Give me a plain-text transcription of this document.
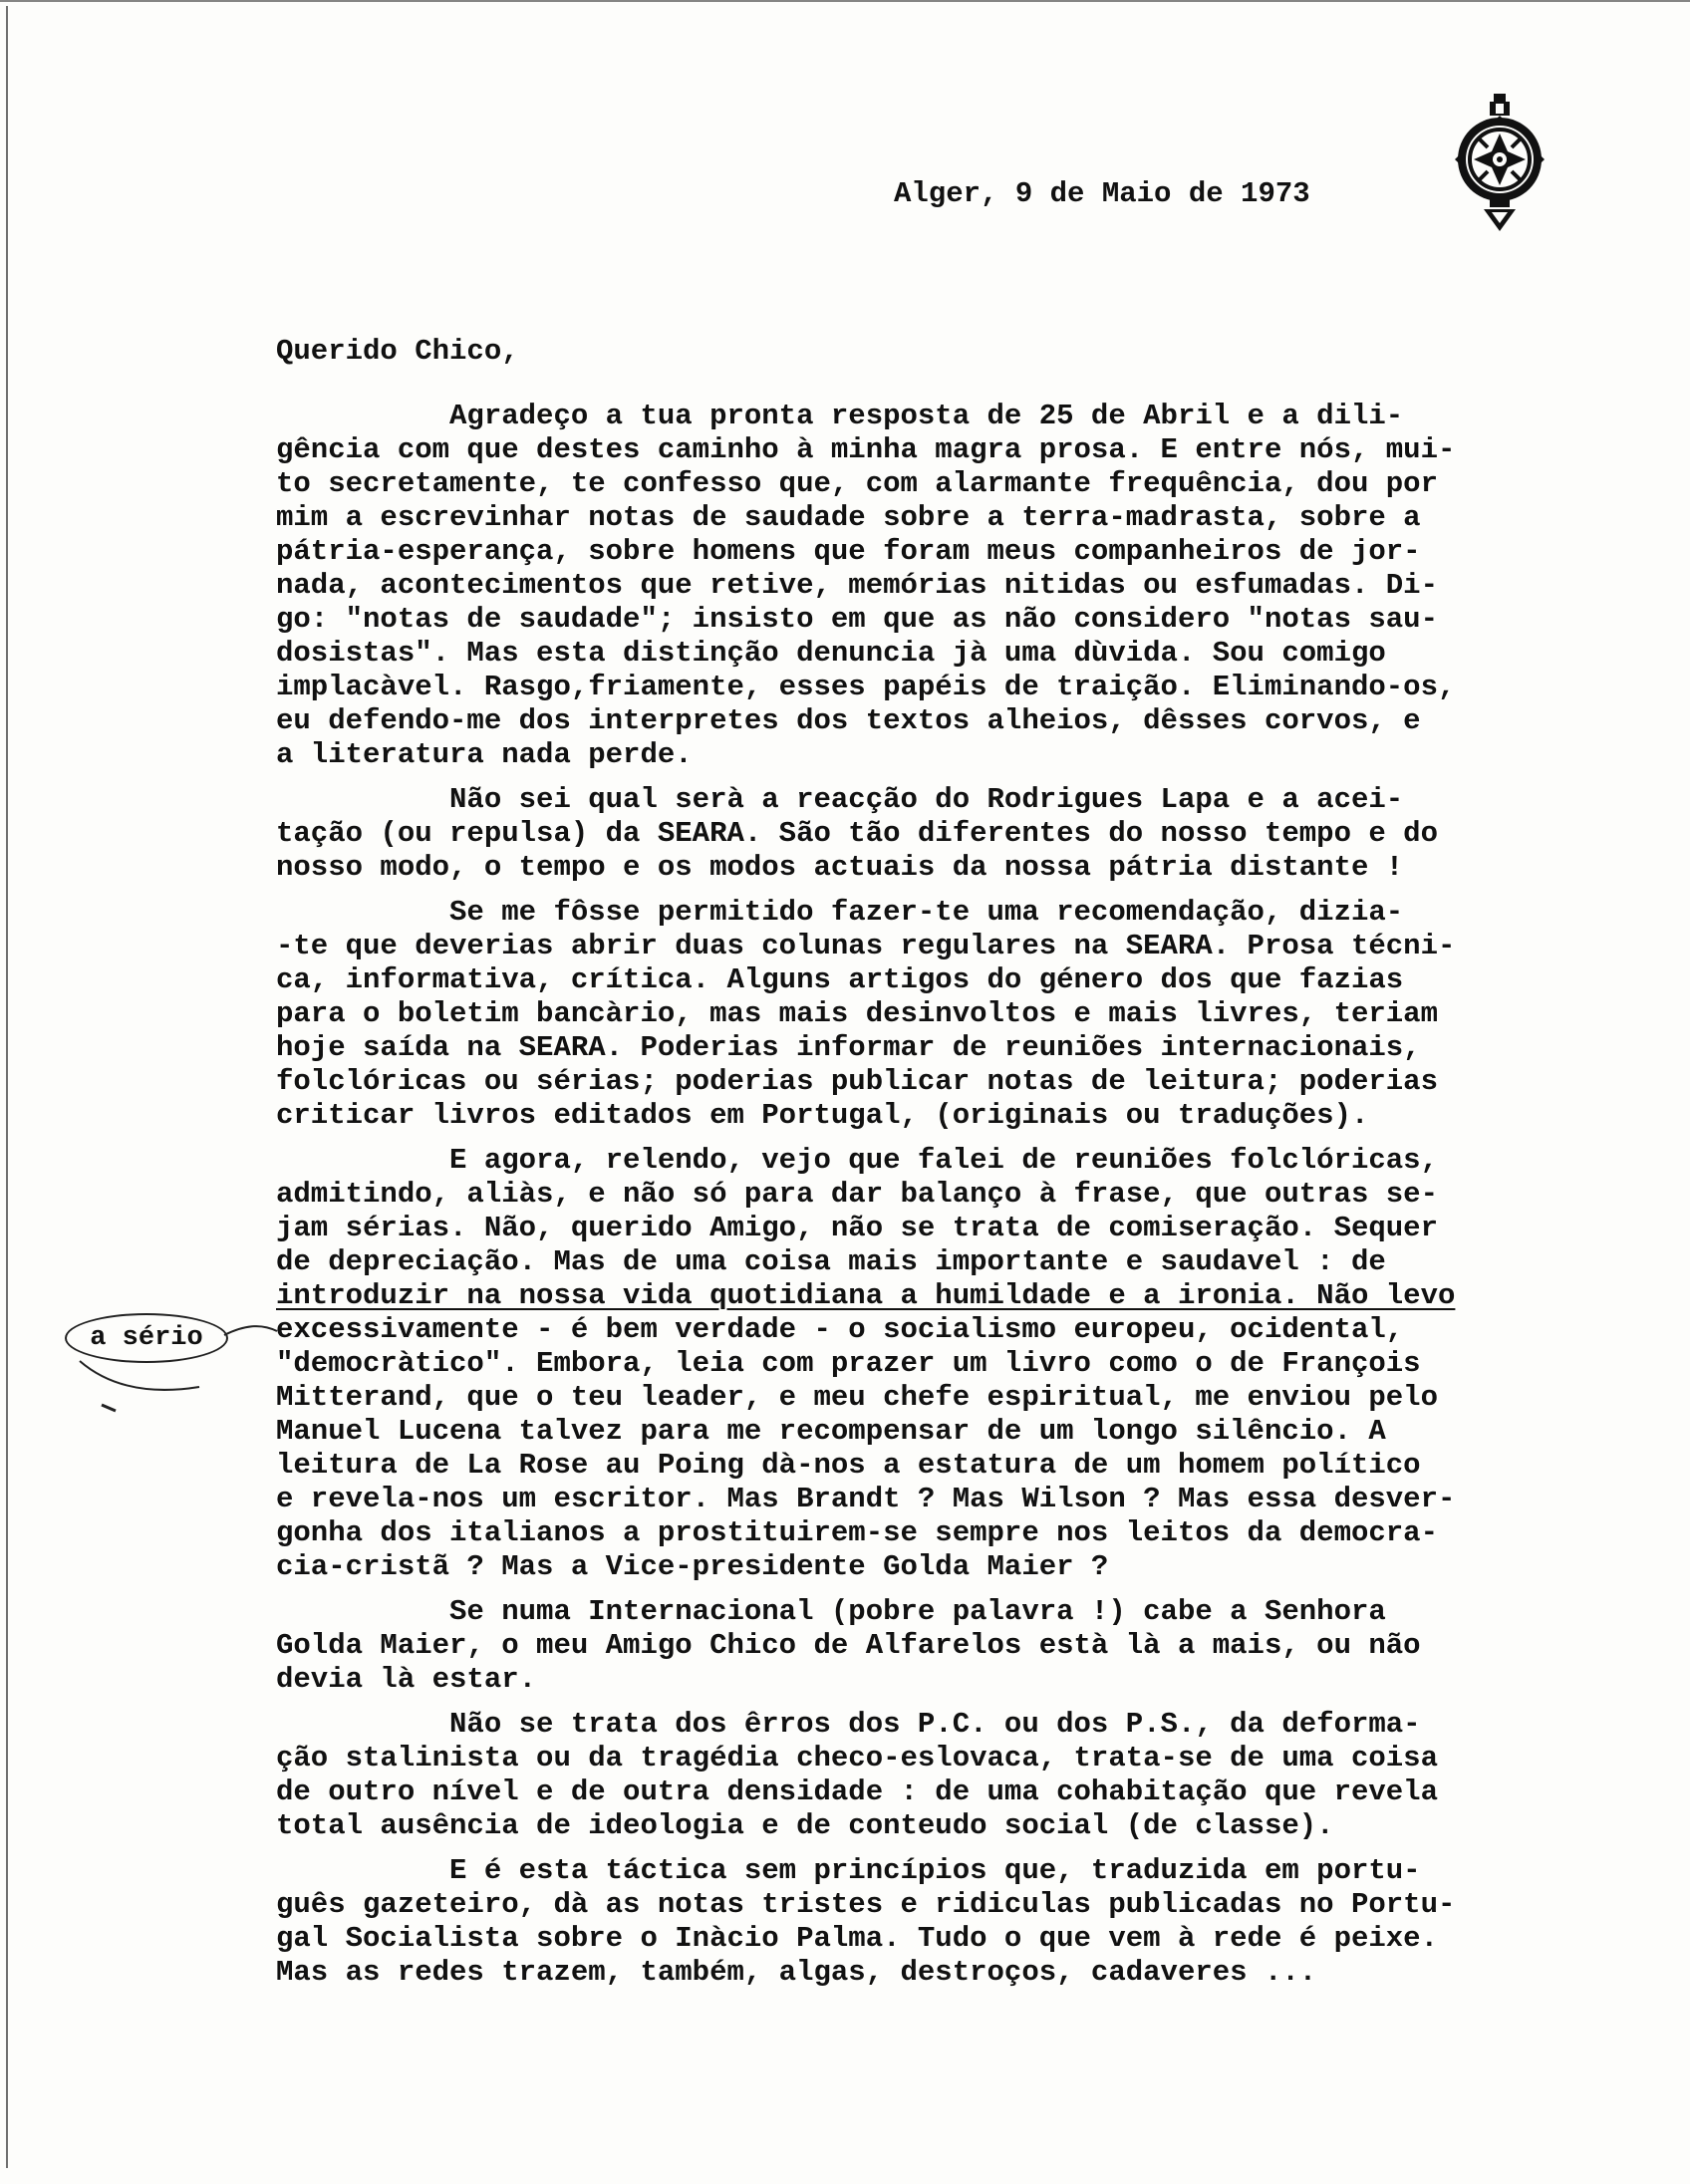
Alger, 9 de Maio de 1973
Querido Chico,
Agradeço a tua pronta resposta de 25 de Abril e a dili-
gência com que destes caminho à minha magra prosa. E entre nós, mui-
to secretamente, te confesso que, com alarmante frequência, dou por
mim a escrevinhar notas de saudade sobre a terra-madrasta, sobre a
pátria-esperança, sobre homens que foram meus companheiros de jor-
nada, acontecimentos que retive, memórias nitidas ou esfumadas. Di-
go: "notas de saudade"; insisto em que as não considero "notas sau-
dosistas". Mas esta distinção denuncia jà uma dùvida. Sou comigo
implacàvel. Rasgo,friamente, esses papéis de traição. Eliminando-os,
eu defendo-me dos interpretes dos textos alheios, dêsses corvos, e
a literatura nada perde.
Não sei qual serà a reacção do Rodrigues Lapa e a acei-
tação (ou repulsa) da SEARA. São tão diferentes do nosso tempo e do
nosso modo, o tempo e os modos actuais da nossa pátria distante !
Se me fôsse permitido fazer-te uma recomendação, dizia-
-te que deverias abrir duas colunas regulares na SEARA. Prosa técni-
ca, informativa, crítica. Alguns artigos do género dos que fazias
para o boletim bancàrio, mas mais desinvoltos e mais livres, teriam
hoje saída na SEARA. Poderias informar de reuniões internacionais,
folclóricas ou sérias; poderias publicar notas de leitura; poderias
criticar livros editados em Portugal, (originais ou traduções).
E agora, relendo, vejo que falei de reuniões folclóricas,
admitindo, aliàs, e não só para dar balanço à frase, que outras se-
jam sérias. Não, querido Amigo, não se trata de comiseração. Sequer
de depreciação. Mas de uma coisa mais importante e saudavel : de
introduzir na nossa vida quotidiana a humildade e a ironia. Não levo
excessivamente - é bem verdade - o socialismo europeu, ocidental,
"democràtico". Embora, leia com prazer um livro como o de François
Mitterand, que o teu leader, e meu chefe espiritual, me enviou pelo
Manuel Lucena talvez para me recompensar de um longo silêncio. A
leitura de La Rose au Poing dà-nos a estatura de um homem político
e revela-nos um escritor. Mas Brandt ? Mas Wilson ? Mas essa desver-
gonha dos italianos a prostituirem-se sempre nos leitos da democra-
cia-cristã ? Mas a Vice-presidente Golda Maier ?
Se numa Internacional (pobre palavra !) cabe a Senhora
Golda Maier, o meu Amigo Chico de Alfarelos està là a mais, ou não
devia là estar.
Não se trata dos êrros dos P.C. ou dos P.S., da deforma-
ção stalinista ou da tragédia checo-eslovaca, trata-se de uma coisa
de outro nível e de outra densidade : de uma cohabitação que revela
total ausência de ideologia e de conteudo social (de classe).
E é esta táctica sem princípios que, traduzida em portu-
guês gazeteiro, dà as notas tristes e ridiculas publicadas no Portu-
gal Socialista sobre o Inàcio Palma. Tudo o que vem à rede é peixe.
Mas as redes trazem, também, algas, destroços, cadaveres ...
a sério
